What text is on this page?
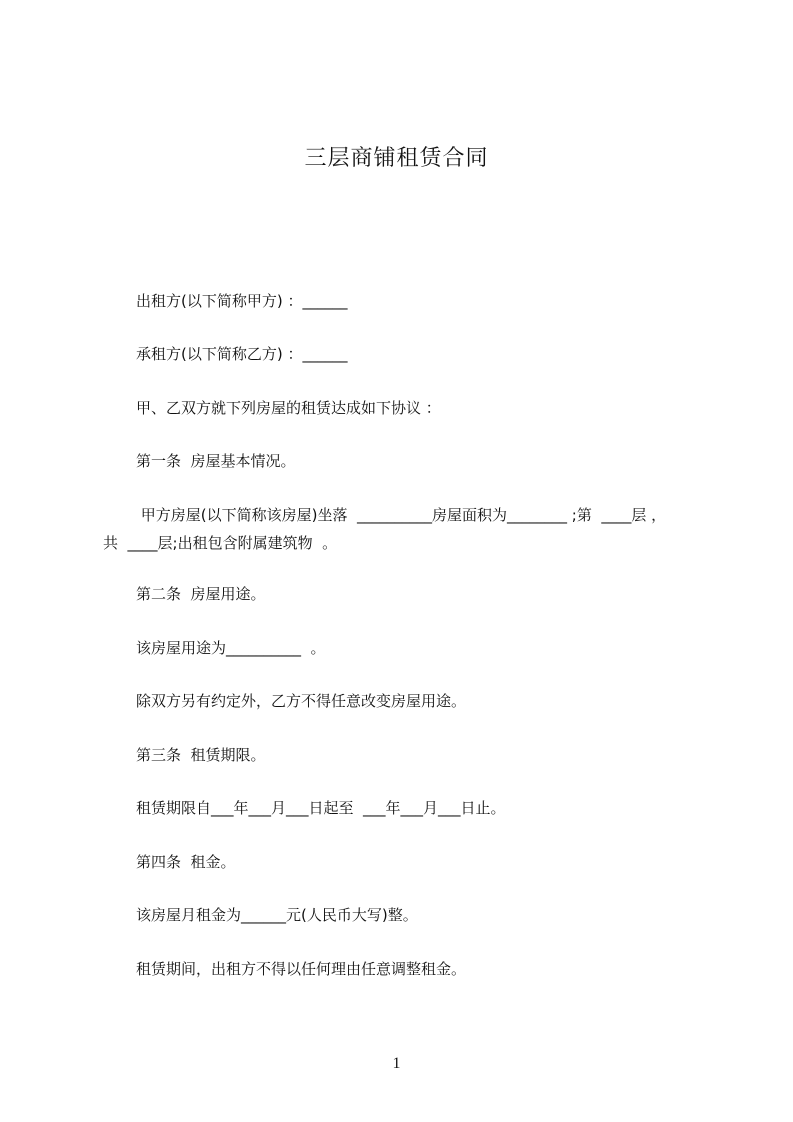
三层商铺租赁合同

出租方(以下简称甲方) ：______

承租方(以下简称乙方) ：______

甲、乙双方就下列房屋的租赁达成如下协议 ：

第一条  房屋基本情况。

甲方房屋(以下简称该房屋)坐落  __________房屋面积为________ ;第  ____层 ，

共  ____层;出租包含附属建筑物  。

第二条  房屋用途。

该房屋用途为__________  。

除双方另有约定外，乙方不得任意改变房屋用途。

第三条  租赁期限。

租赁期限自___年___月___日起至  ___年___月___日止。

第四条  租金。

该房屋月租金为______元(人民币大写)整。

租赁期间，出租方不得以任何理由任意调整租金。

1
